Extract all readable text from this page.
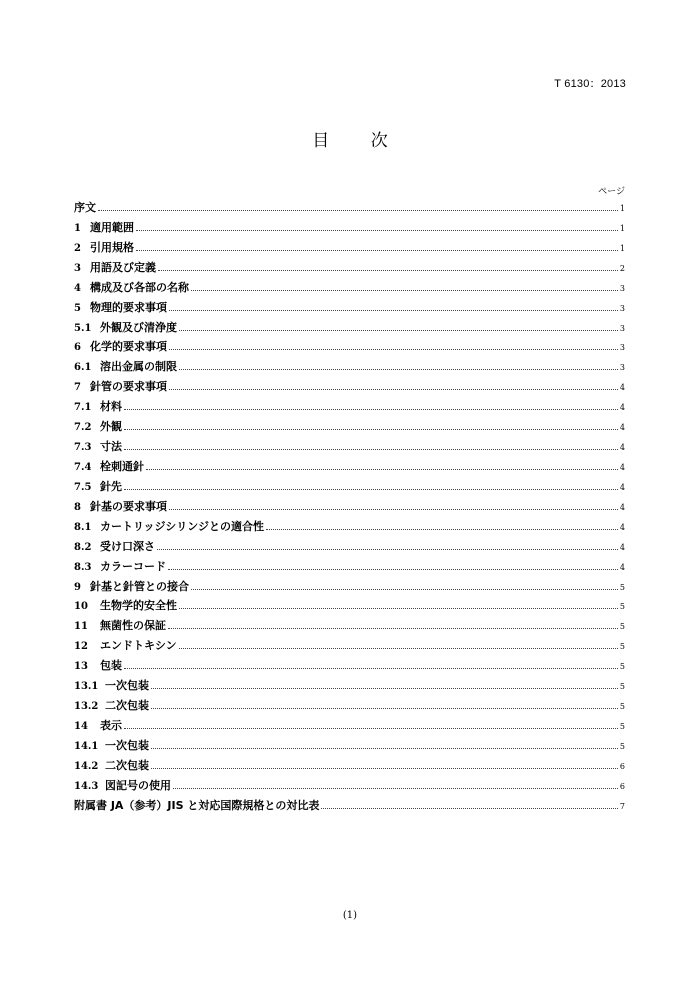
T 6130：2013
目 次
ページ
序文	1
1 適用範囲	1
2 引用規格	1
3 用語及び定義	2
4 構成及び各部の名称	3
5 物理的要求事項	3
5.1 外観及び清浄度	3
6 化学的要求事項	3
6.1 溶出金属の制限	3
7 針管の要求事項	4
7.1 材料	4
7.2 外観	4
7.3 寸法	4
7.4 栓刺通針	4
7.5 針先	4
8 針基の要求事項	4
8.1 カートリッジシリンジとの適合性	4
8.2 受け口深さ	4
8.3 カラーコード	4
9 針基と針管との接合	5
10	生物学的安全性	5
11	無菌性の保証	5
12	エンドトキシン	5
13	包装	5
13.1 一次包装	5
13.2 二次包装	5
14	表示	5
14.1 一次包装	5
14.2 二次包装	6
14.3 図記号の使用	6
附属書 JA（参考）JIS と対応国際規格との対比表	7
(1)
